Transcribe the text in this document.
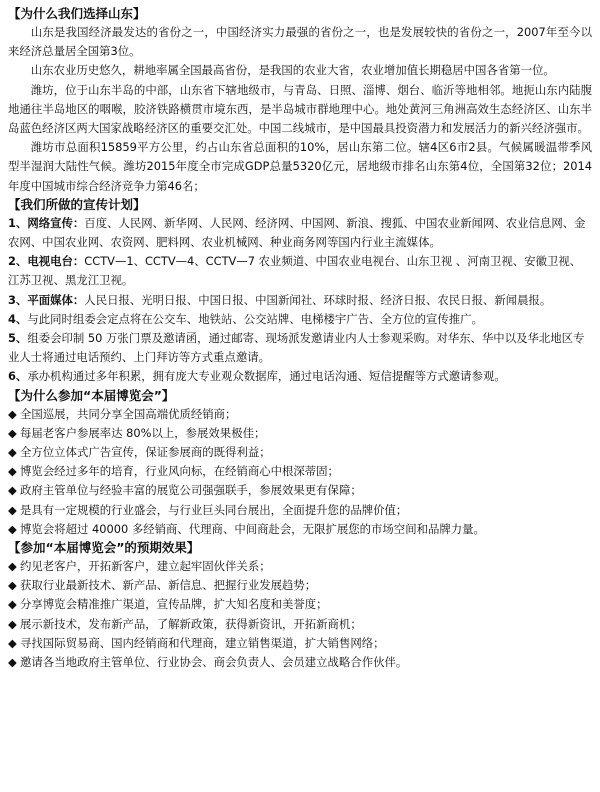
【为什么我们选择山东】

山东是我国经济最发达的省份之一，中国经济实力最强的省份之一，也是发展较快的省份之一，2007年至今以来经济总量居全国第3位。

山东农业历史悠久，耕地率属全国最高省份，是我国的农业大省，农业增加值长期稳居中国各省第一位。

潍坊，位于山东半岛的中部，山东省下辖地级市，与青岛、日照、淄博、烟台、临沂等地相邻。地扼山东内陆腹地通往半岛地区的咽喉，胶济铁路横贯市境东西，是半岛城市群地理中心。地处黄河三角洲高效生态经济区、山东半岛蓝色经济区两大国家战略经济区的重要交汇处。中国二线城市，是中国最具投资潜力和发展活力的新兴经济强市。

潍坊市总面积15859平方公里，约占山东省总面积的10%，居山东第二位。辖4区6市2县。气候属暖温带季风型半湿润大陆性气候。潍坊2015年度全市完成GDP总量5320亿元，居地级市排名山东第4位，全国第32位；2014年度中国城市综合经济竞争力第46名；

【我们所做的宣传计划】

1、网络宣传：百度、人民网、新华网、人民网、经济网、中国网、新浪、搜狐、中国农业新闻网、农业信息网、金农网、中国农业网、农资网、肥料网、农业机械网、种业商务网等国内行业主流媒体。

2、电视电台：CCTV—1、CCTV—4、CCTV—7 农业频道、中国农业电视台、山东卫视 、河南卫视、安徽卫视、江苏卫视、黑龙江卫视。

3、平面媒体：人民日报、光明日报、中国日报、中国新闻社、环球时报、经济日报、农民日报、新闻晨报。

4、与此同时组委会定点将在公交车、地铁站、公交站牌、电梯楼宇广告、全方位的宣传推广。

5、组委会印制 50 万张门票及邀请函，通过邮寄、现场派发邀请业内人士参观采购。对华东、华中以及华北地区专业人士将通过电话预约、上门拜访等方式重点邀请。

6、承办机构通过多年积累，拥有庞大专业观众数据库，通过电话沟通、短信提醒等方式邀请参观。

【为什么参加“本届博览会”】

◆ 全国巡展，共同分享全国高端优质经销商；

◆ 每届老客户参展率达 80%以上，参展效果极佳；

◆ 全方位立体式广告宣传，保证参展商的既得利益；

◆ 博览会经过多年的培育，行业风向标，在经销商心中根深蒂固；

◆ 政府主管单位与经验丰富的展览公司强强联手，参展效果更有保障；

◆ 是具有一定规模的行业盛会，与行业巨头同台展出，全面提升您的品牌价值；

◆ 博览会将超过 40000 多经销商、代理商、中间商赴会，无限扩展您的市场空间和品牌力量。

【参加“本届博览会”的预期效果】

◆ 约见老客户，开拓新客户，建立起牢固伙伴关系；

◆ 获取行业最新技术、新产品、新信息、把握行业发展趋势；

◆ 分享博览会精准推广渠道，宣传品牌，扩大知名度和美誉度；

◆ 展示新技术，发布新产品，了解新政策，获得新资讯，开拓新商机；

◆ 寻找国际贸易商、国内经销商和代理商，建立销售渠道，扩大销售网络；

◆ 邀请各当地政府主管单位、行业协会、商会负责人、会员建立战略合作伙伴。
